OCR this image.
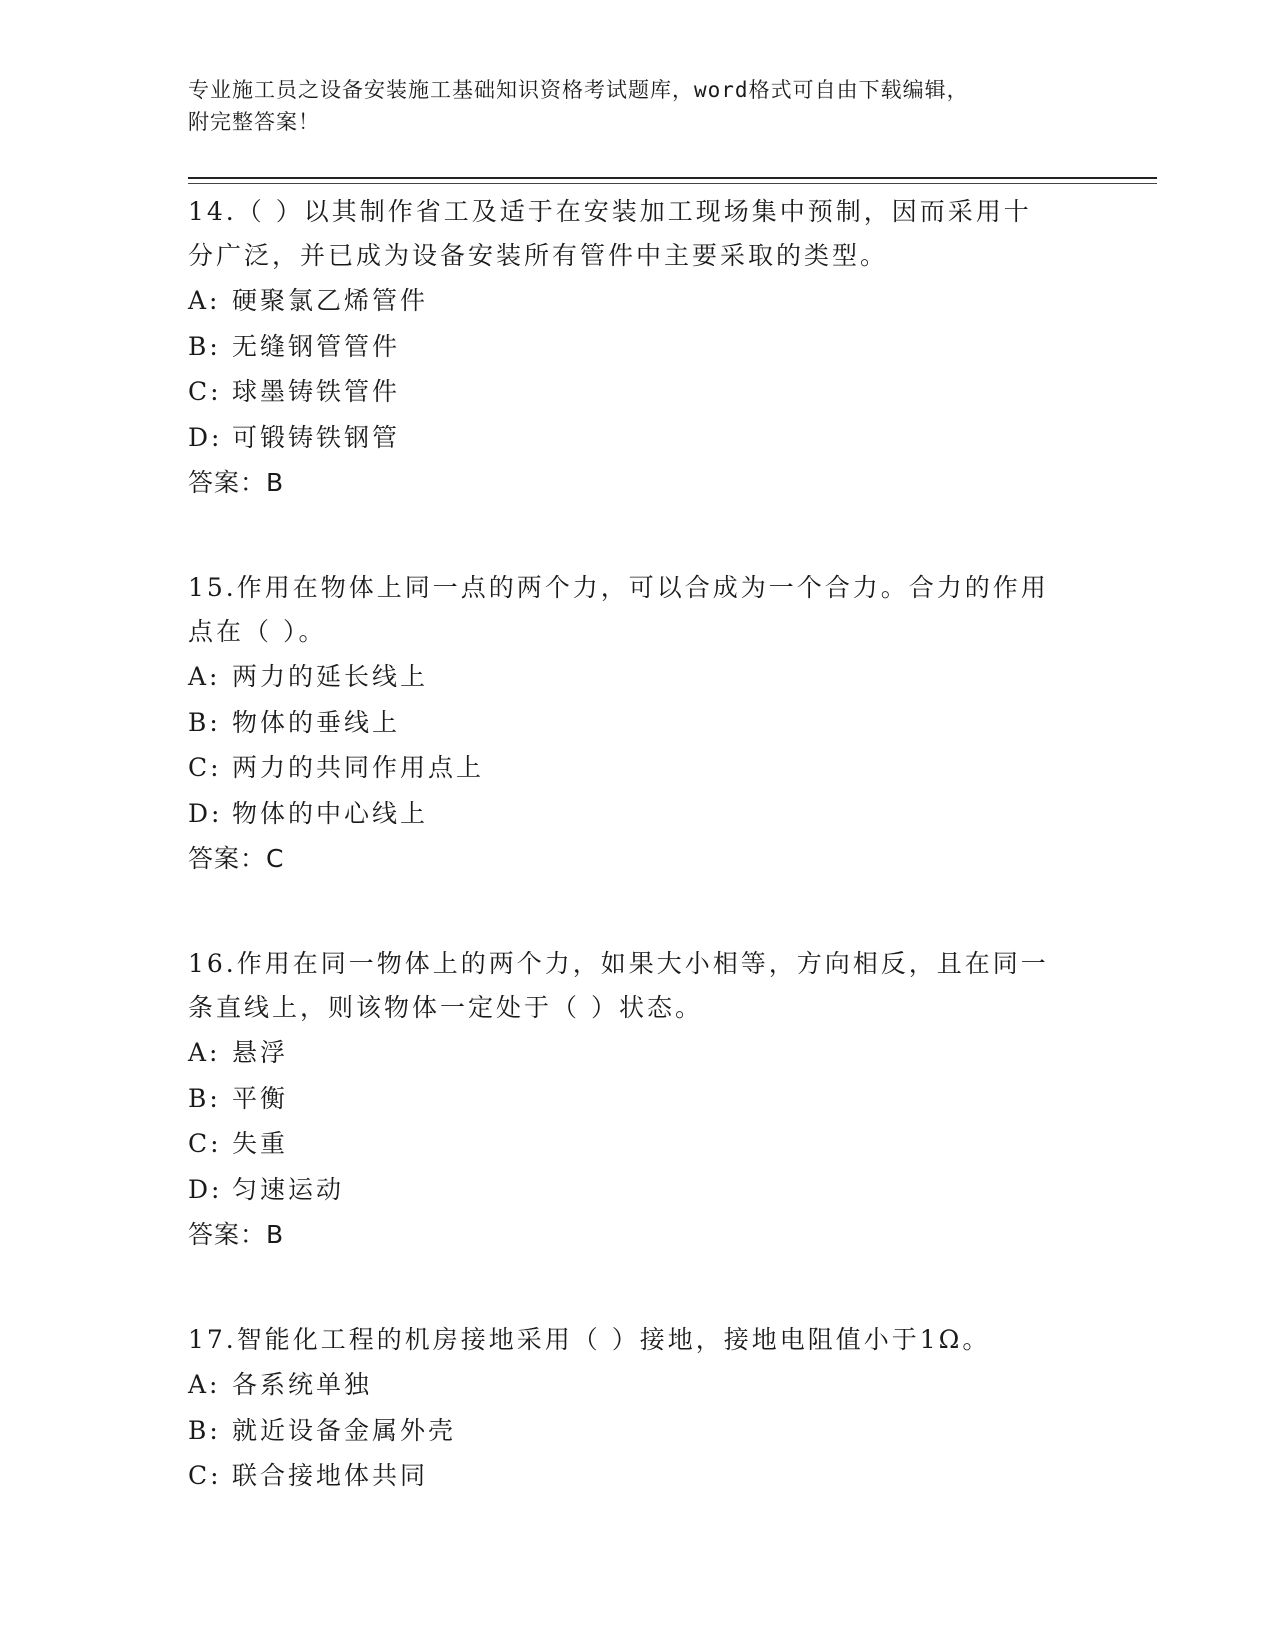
专业施工员之设备安装施工基础知识资格考试题库，word格式可自由下载编辑，
附完整答案！
14.（ ）以其制作省工及适于在安装加工现场集中预制，因而采用十
分广泛，并已成为设备安装所有管件中主要采取的类型。
A: 硬聚氯乙烯管件
B: 无缝钢管管件
C: 球墨铸铁管件
D: 可锻铸铁钢管
答案：B
15.作用在物体上同一点的两个力，可以合成为一个合力。合力的作用
点在（ ）。
A: 两力的延长线上
B: 物体的垂线上
C: 两力的共同作用点上
D: 物体的中心线上
答案：C
16.作用在同一物体上的两个力，如果大小相等，方向相反，且在同一
条直线上，则该物体一定处于（ ）状态。
A: 悬浮
B: 平衡
C: 失重
D: 匀速运动
答案：B
17.智能化工程的机房接地采用（ ）接地，接地电阻值小于1Ω。
A: 各系统单独
B: 就近设备金属外壳
C: 联合接地体共同
